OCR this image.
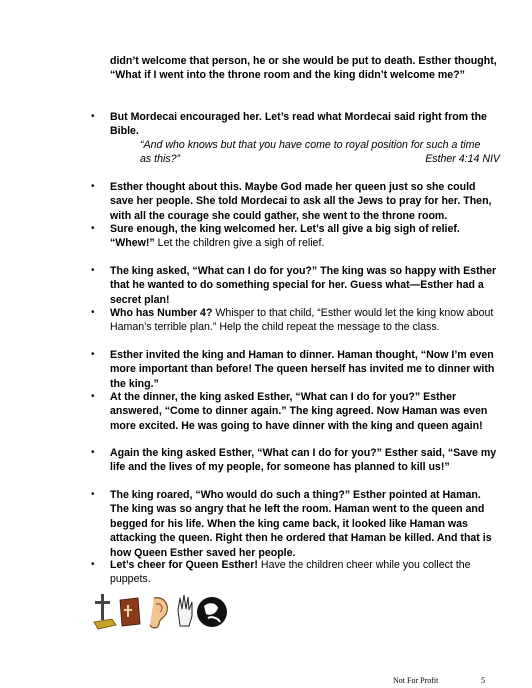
didn’t welcome that person, he or she would be put to death. Esther thought, “What if I went into the throne room and the king didn’t welcome me?”
• But Mordecai encouraged her. Let’s read what Mordecai said right from the Bible.
“And who knows but that you have come to royal position for such a time
as this?”	Esther 4:14 NIV
• Esther thought about this. Maybe God made her queen just so she could save her people. She told Mordecai to ask all the Jews to pray for her. Then, with all the courage she could gather, she went to the throne room.
• Sure enough, the king welcomed her. Let’s all give a big sigh of relief. “Whew!” Let the children give a sigh of relief.
• The king asked, “What can I do for you?” The king was so happy with Esther that he wanted to do something special for her. Guess what—Esther had a secret plan!
• Who has Number 4? Whisper to that child, “Esther would let the king know about Haman’s terrible plan.” Help the child repeat the message to the class.
• Esther invited the king and Haman to dinner. Haman thought, “Now I’m even more important than before! The queen herself has invited me to dinner with the king.”
• At the dinner, the king asked Esther, “What can I do for you?” Esther answered, “Come to dinner again.” The king agreed. Now Haman was even more excited. He was going to have dinner with the king and queen again!
• Again the king asked Esther, “What can I do for you?” Esther said, “Save my life and the lives of my people, for someone has planned to kill us!”
• The king roared, “Who would do such a thing?” Esther pointed at Haman. The king was so angry that he left the room. Haman went to the queen and begged for his life. When the king came back, it looked like Haman was attacking the queen. Right then he ordered that Haman be killed. And that is how Queen Esther saved her people.
• Let’s cheer for Queen Esther! Have the children cheer while you collect the puppets.
Not For Profit	5
